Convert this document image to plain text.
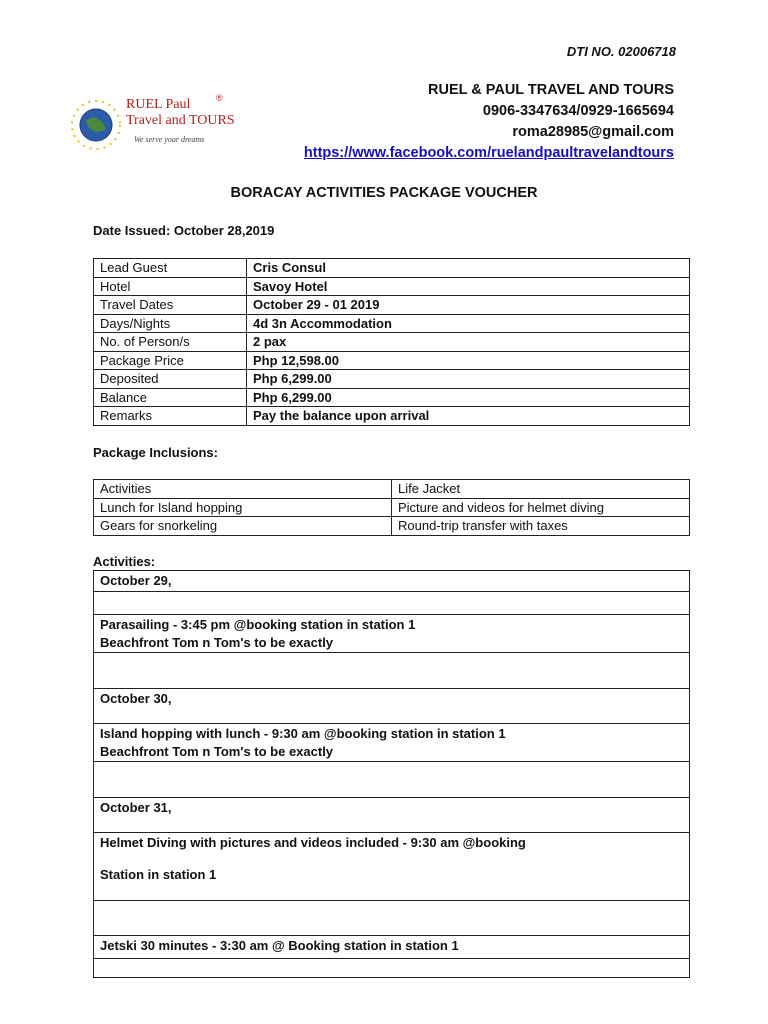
DTI NO. 02006718
RUEL Paul	®
Travel and TOURS
We serve your dreams
RUEL & PAUL TRAVEL AND TOURS
0906-3347634/0929-1665694
roma28985@gmail.com
https://www.facebook.com/ruelandpaultravelandtours
BORACAY ACTIVITIES PACKAGE VOUCHER
Date Issued: October 28,2019
Lead Guest	Cris Consul
Hotel	Savoy Hotel
Travel Dates	October 29 - 01 2019
Days/Nights	4d 3n Accommodation
No. of Person/s	2 pax
Package Price	Php 12,598.00
Deposited	Php 6,299.00
Balance	Php 6,299.00
Remarks	Pay the balance upon arrival
Package Inclusions:
Activities	Life Jacket
Lunch for Island hopping	Picture and videos for helmet diving
Gears for snorkeling	Round-trip transfer with taxes
Activities:
October 29,

Parasailing - 3:45 pm @booking station in station 1
Beachfront Tom n Tom's to be exactly

October 30,

Island hopping with lunch - 9:30 am @booking station in station 1
Beachfront Tom n Tom's to be exactly

October 31,

Helmet Diving with pictures and videos included - 9:30 am @booking
Station in station 1

Jetski 30 minutes - 3:30 am @ Booking station in station 1
